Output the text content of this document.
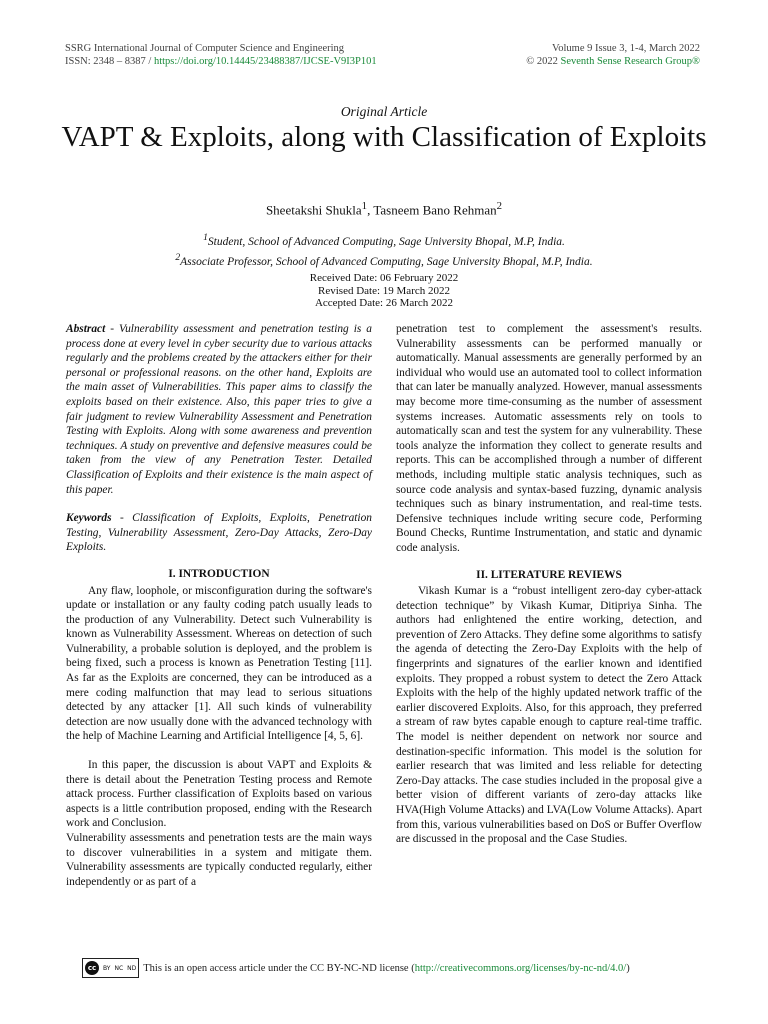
SSRG International Journal of Computer Science and Engineering
ISSN: 2348 – 8387 / https://doi.org/10.14445/23488387/IJCSE-V9I3P101
Volume 9 Issue 3, 1-4, March 2022
© 2022 Seventh Sense Research Group®
Original Article
VAPT & Exploits, along with Classification of Exploits
Sheetakshi Shukla$^1$, Tasneem Bano Rehman$^2$
$^1$Student, School of Advanced Computing, Sage University Bhopal, M.P, India.
$^2$Associate Professor, School of Advanced Computing, Sage University Bhopal, M.P, India.
Received Date: 06 February 2022
Revised Date: 19 March 2022
Accepted Date: 26 March 2022

Abstract - Vulnerability assessment and penetration testing is a process done at every level in cyber security due to various attacks regularly and the problems created by the attackers either for their personal or professional reasons. on the other hand, Exploits are the main asset of Vulnerabilities. This paper aims to classify the exploits based on their existence. Also, this paper tries to give a fair judgment to review Vulnerability Assessment and Penetration Testing with Exploits. Along with some awareness and prevention techniques. A study on preventive and defensive measures could be taken from the view of any Penetration Tester. Detailed Classification of Exploits and their existence is the main aspect of this paper.

Keywords - Classification of Exploits, Exploits, Penetration Testing, Vulnerability Assessment, Zero-Day Attacks, Zero-Day Exploits.

I. INTRODUCTION

Any flaw, loophole, or misconfiguration during the software's update or installation or any faulty coding patch usually leads to the production of any Vulnerability. Detect such Vulnerability is known as Vulnerability Assessment. Whereas on detection of such Vulnerability, a probable solution is deployed, and the problem is being fixed, such a process is known as Penetration Testing [11]. As far as the Exploits are concerned, they can be introduced as a mere coding malfunction that may lead to serious situations detected by any attacker [1]. All such kinds of vulnerability detection are now usually done with the advanced technology with the help of Machine Learning and Artificial Intelligence [4, 5, 6].

In this paper, the discussion is about VAPT and Exploits & there is detail about the Penetration Testing process and Remote attack process. Further classification of Exploits based on various aspects is a little contribution proposed, ending with the Research work and Conclusion.

Vulnerability assessments and penetration tests are the main ways to discover vulnerabilities in a system and mitigate them. Vulnerability assessments are typically conducted regularly, either independently or as part of a

penetration test to complement the assessment's results. Vulnerability assessments can be performed manually or automatically. Manual assessments are generally performed by an individual who would use an automated tool to collect information that can later be manually analyzed. However, manual assessments may become more time-consuming as the number of assessment systems increases. Automatic assessments rely on tools to automatically scan and test the system for any vulnerability. These tools analyze the information they collect to generate results and reports. This can be accomplished through a number of different methods, including multiple static analysis techniques, such as source code analysis and syntax-based fuzzing, dynamic analysis techniques such as binary instrumentation, and real-time tests. Defensive techniques include writing secure code, Performing Bound Checks, Runtime Instrumentation, and static and dynamic code analysis.

II. LITERATURE REVIEWS

Vikash Kumar is a “robust intelligent zero-day cyber-attack detection technique” by Vikash Kumar, Ditipriya Sinha. The authors had enlightened the entire working, detection, and prevention of Zero Attacks. They define some algorithms to satisfy the agenda of detecting the Zero-Day Exploits with the help of fingerprints and signatures of the earlier known and identified exploits. They propped a robust system to detect the Zero Attack Exploits with the help of the highly updated network traffic of the earlier discovered Exploits. Also, for this approach, they preferred a stream of raw bytes capable enough to capture real-time traffic. The model is neither dependent on network nor source and destination-specific information. This model is the solution for earlier research that was limited and less reliable for detecting Zero-Day attacks. The case studies included in the proposal give a better vision of different variants of zero-day attacks like HVA(High Volume Attacks) and LVA(Low Volume Attacks). Apart from this, various vulnerabilities based on DoS or Buffer Overflow are discussed in the proposal and the Case Studies.

cc	BY NC ND This is an open access article under the CC BY-NC-ND license (http://creativecommons.org/licenses/by-nc-nd/4.0/)
